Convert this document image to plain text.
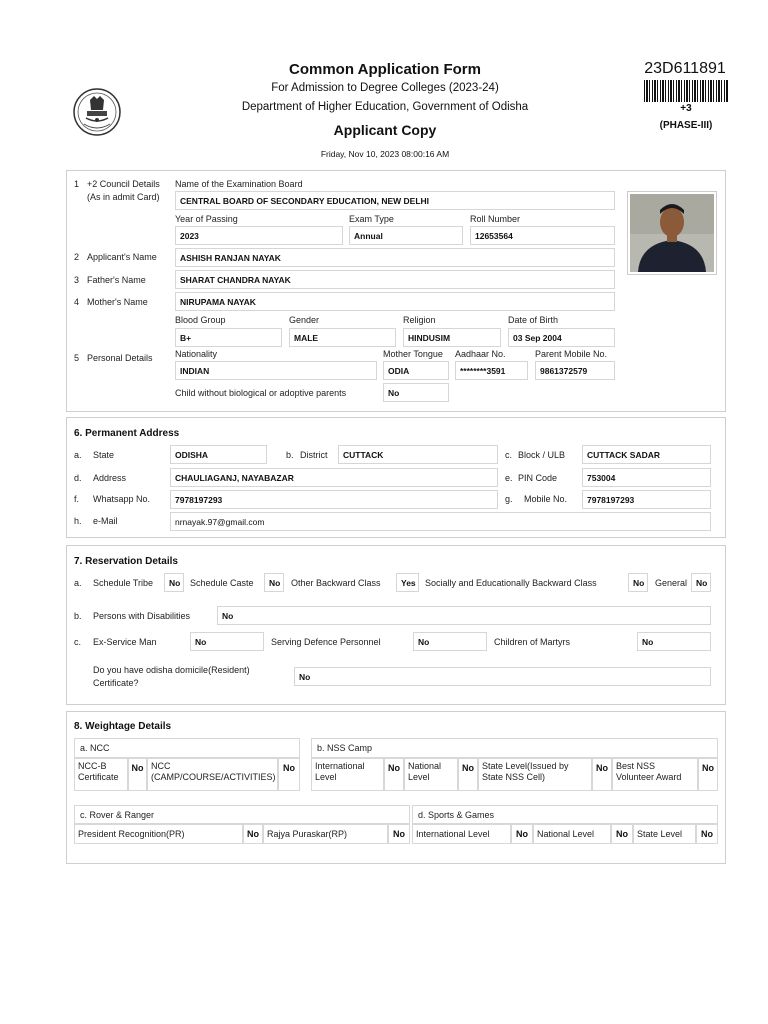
Common Application Form
For Admission to Degree Colleges (2023-24)
Department of Higher Education, Government of Odisha
Applicant Copy
Friday, Nov 10, 2023 08:00:16 AM
23D611891
+3
(PHASE-III)
1 +2 Council Details
(As in admit Card)
Name of the Examination Board
CENTRAL BOARD OF SECONDARY EDUCATION, NEW DELHI
Year of Passing
2023
Exam Type
Annual
Roll Number
12653564
2 Applicant's Name	ASHISH RANJAN NAYAK
3 Father's Name	SHARAT CHANDRA NAYAK
4 Mother's Name	NIRUPAMA NAYAK
5 Personal Details
Blood Group
B+
Gender
MALE
Religion
HINDUSIM
Date of Birth
03 Sep 2004
Nationality
INDIAN
Mother Tongue
ODIA
Aadhaar No.
********3591
Parent Mobile No.
9861372579
Child without biological or adoptive parents	No
6. Permanent Address
a. State	ODISHA	b. District	CUTTACK	c. Block / ULB	CUTTACK SADAR
d. Address	CHAULIAGANJ, NAYABAZAR	e. PIN Code	753004
f. Whatsapp No.	7978197293	g. Mobile No.	7978197293
h. e-Mail	nrnayak.97@gmail.com
7. Reservation Details
a. Schedule Tribe	No	Schedule Caste	No	Other Backward Class	Yes	Socially and Educationally Backward Class	No	General	No
b. Persons with Disabilities	No
c. Ex-Service Man	No	Serving Defence Personnel	No	Children of Martyrs	No
Do you have odisha domicile(Resident)
Certificate?
No
8. Weightage Details
a. NCC
NCC-B
Certificate
No NCC
(CAMP/COURSE/ACTIVITIES)
No
b. NSS Camp
International
Level
No National
Level
No State Level(Issued by
State NSS Cell)
No Best NSS
Volunteer Award
No
c. Rover & Ranger
President Recognition(PR)	No Rajya Puraskar(RP)	No
d. Sports & Games
International Level	No	National Level	No	State Level	No
